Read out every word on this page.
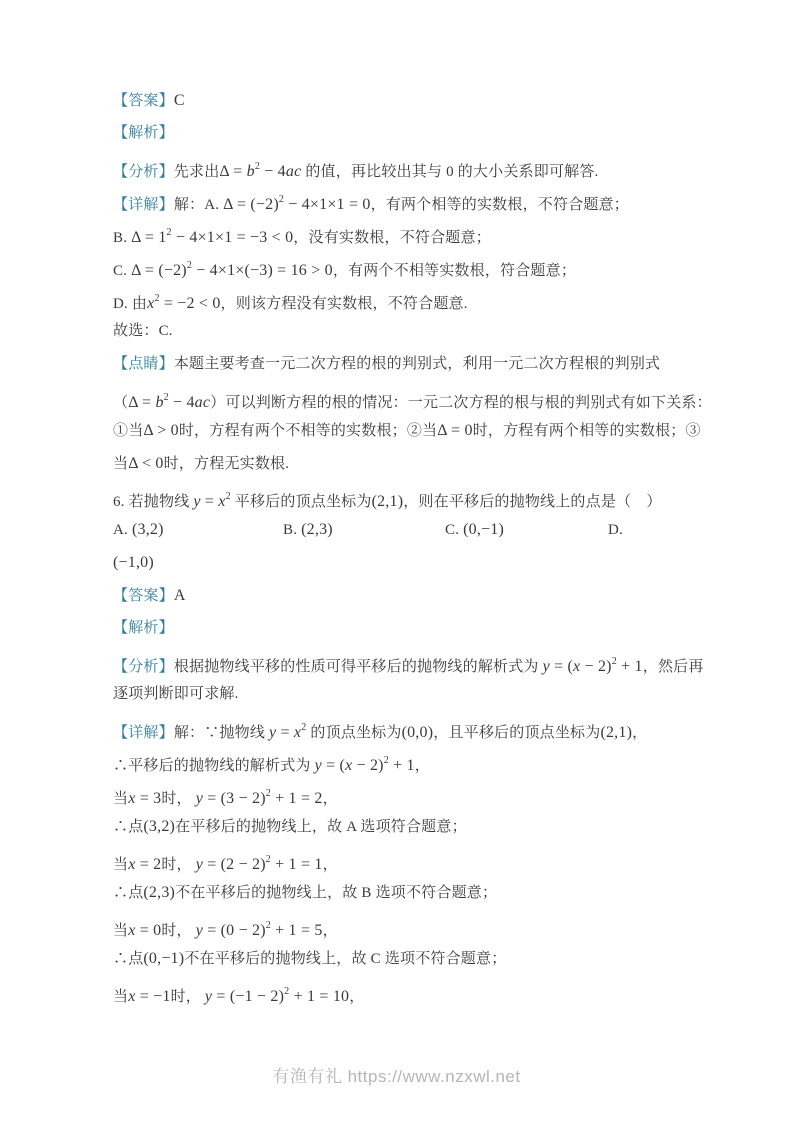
【答案】C
【解析】
【分析】先求出$\Delta = b^2 - 4ac$ 的值，再比较出其与 0 的大小关系即可解答.
【详解】解：A. $\Delta = (-2)^2 - 4\times 1\times 1 = 0$，有两个相等的实数根，不符合题意；
B. $\Delta = 1^2 - 4\times 1\times 1 = -3 < 0$，没有实数根，不符合题意；
C. $\Delta = (-2)^2 - 4\times 1\times(-3) = 16 > 0$，有两个不相等实数根，符合题意；
D. 由$x^2 = -2 < 0$，则该方程没有实数根，不符合题意.
故选：C.
【点睛】本题主要考查一元二次方程的根的判别式，利用一元二次方程根的判别式
$(\Delta = b^2 - 4ac)$可以判断方程的根的情况：一元二次方程的根与根的判别式有如下关系：
①当Δ > 0时，方程有两个不相等的实数根；②当Δ = 0时，方程有两个相等的实数根；③
当Δ < 0时，方程无实数根.
6. 若抛物线 $y = x^2$ 平移后的顶点坐标为(2,1)，则在平移后的抛物线上的点是（　）
A. (3,2)	B. (2,3)	C. (0,−1)	D.
(−1,0)
【答案】A
【解析】
【分析】根据抛物线平移的性质可得平移后的抛物线的解析式为 $y = (x - 2)^2 + 1$，然后再
逐项判断即可求解.
【详解】解：∵抛物线 $y = x^2$ 的顶点坐标为(0,0)，且平移后的顶点坐标为(2,1)，
∴平移后的抛物线的解析式为 $y = (x - 2)^2 + 1$，
当x = 3时， $y = (3 - 2)^2 + 1 = 2$，
∴点(3,2)在平移后的抛物线上，故 A 选项符合题意；
当x = 2时， $y = (2 - 2)^2 + 1 = 1$，
∴点(2,3)不在平移后的抛物线上，故 B 选项不符合题意；
当x = 0时， $y = (0 - 2)^2 + 1 = 5$，
∴点(0,−1)不在平移后的抛物线上，故 C 选项不符合题意；
当x = −1时， $y = (-1 - 2)^2 + 1 = 10$，
有渔有礼 https://www.nzxwl.net
